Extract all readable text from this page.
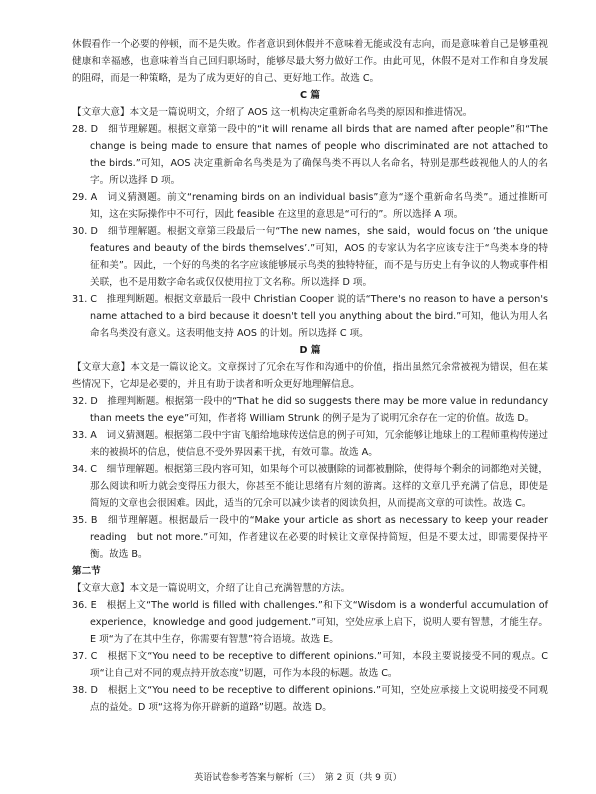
休假看作一个必要的停顿，而不是失败。作者意识到休假并不意味着无能或没有志向，而是意味着自己是够重视健康和幸福感，也意味着当自己回归职场时，能够尽最大努力做好工作。由此可见，休假不是对工作和自身发展的阻碍，而是一种策略，是为了成为更好的自己、更好地工作。故选 C。

C 篇

【文章大意】本文是一篇说明文，介绍了 AOS 这一机构决定重新命名鸟类的原因和推进情况。

28. D　细节理解题。根据文章第一段中的“it will rename all birds that are named after people”和“The change is being made to ensure that names of people who discriminated are not attached to the birds.”可知，AOS 决定重新命名鸟类是为了确保鸟类不再以人名命名，特别是那些歧视他人的人的名字。所以选择 D 项。

29. A　词义猜测题。前文“renaming birds on an individual basis”意为“逐个重新命名鸟类”。通过推断可知，这在实际操作中不可行，因此 feasible 在这里的意思是“可行的”。所以选择 A 项。

30. D　细节理解题。根据文章第三段最后一句“The new names，she said，would focus on ‘the unique features and beauty of the birds themselves’.”可知，AOS 的专家认为名字应该专注于“鸟类本身的特征和美”。因此，一个好的鸟类的名字应该能够展示鸟类的独特特征，而不是与历史上有争议的人物或事件相关联，也不是用数字命名或仅仅使用拉丁文名称。所以选择 D 项。

31. C　推理判断题。根据文章最后一段中 Christian Cooper 说的话“There's no reason to have a person's name attached to a bird because it doesn't tell you anything about the bird.”可知，他认为用人名命名鸟类没有意义。这表明他支持 AOS 的计划。所以选择 C 项。

D 篇

【文章大意】本文是一篇议论文。文章探讨了冗余在写作和沟通中的价值，指出虽然冗余常被视为错误，但在某些情况下，它却是必要的，并且有助于读者和听众更好地理解信息。

32. D　推理判断题。根据第一段中的“That he did so suggests there may be more value in redundancy than meets the eye”可知，作者将 William Strunk 的例子是为了说明冗余存在一定的价值。故选 D。

33. A　词义猜测题。根据第二段中宇宙飞船给地球传送信息的例子可知，冗余能够让地球上的工程师重构传递过来的被损坏的信息，使信息不受外界因素干扰，有效可靠。故选 A。

34. C　细节理解题。根据第三段内容可知，如果每个可以被删除的词都被删除，使得每个剩余的词都绝对关键，那么阅读和听力就会变得压力很大，你甚至不能让思绪有片刻的游离。这样的文章几乎充满了信息，即使是简短的文章也会很困难。因此，适当的冗余可以减少读者的阅读负担，从而提高文章的可读性。故选 C。

35. B　细节理解题。根据最后一段中的“Make your article as short as necessary to keep your reader reading　but not more.”可知，作者建议在必要的时候让文章保持简短，但是不要太过，即需要保持平衡。故选 B。

第二节

【文章大意】本文是一篇说明文，介绍了让自己充满智慧的方法。

36. E　根据上文“The world is filled with challenges.”和下文“Wisdom is a wonderful accumulation of experience，knowledge and good judgement.”可知，空处应承上启下，说明人要有智慧，才能生存。E 项“为了在其中生存，你需要有智慧”符合语境。故选 E。

37. C　根据下文“You need to be receptive to different opinions.”可知，本段主要说接受不同的观点。C 项“让自己对不同的观点持开放态度”切题，可作为本段的标题。故选 C。

38. D　根据上文“You need to be receptive to different opinions.”可知，空处应承接上文说明接受不同观点的益处。D 项“这将为你开辟新的道路”切题。故选 D。

英语试卷参考答案与解析（三）　第 2 页（共 9 页）
